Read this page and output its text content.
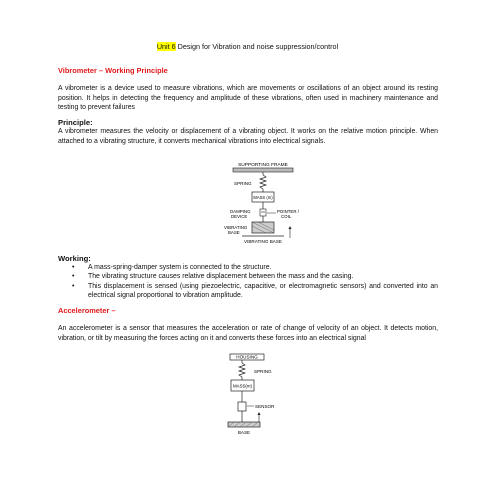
Unit 6 Design for Vibration and noise suppression/control
Vibrometer – Working Principle
A vibrometer is a device used to measure vibrations, which are movements or oscillations of an object around its resting position. It helps in detecting the frequency and amplitude of these vibrations, often used in machinery maintenance and testing to prevent failures
Principle:
A vibrometer measures the velocity or displacement of a vibrating object. It works on the relative motion principle. When attached to a vibrating structure, it converts mechanical vibrations into electrical signals.
SUPPORTING FRAME
SPRING
MASS (m)
DAMPING
DEVICE
POINTER /
COIL
VIBRATING
BASE
VIBRATING BASE
Working:
• A mass-spring-damper system is connected to the structure.
• The vibrating structure causes relative displacement between the mass and the casing.
• This displacement is sensed (using piezoelectric, capacitive, or electromagnetic sensors) and converted into an electrical signal proportional to vibration amplitude.
Accelerometer –
An accelerometer is a sensor that measures the acceleration or rate of change of velocity of an object. It detects motion, vibration, or tilt by measuring the forces acting on it and converts these forces into an electrical signal
HOUSING
SPRING
MASS(m)
SENSOR
BASE
